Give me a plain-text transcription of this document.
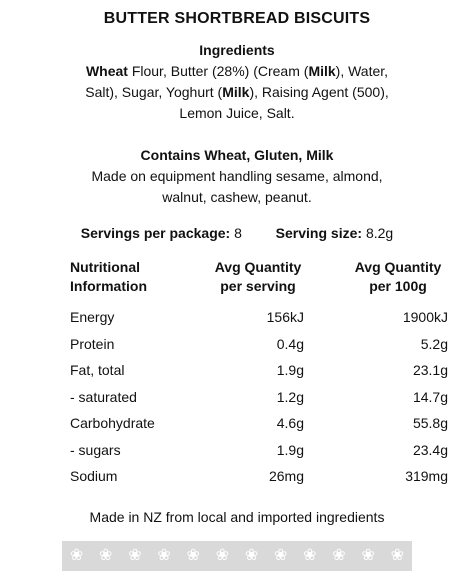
BUTTER SHORTBREAD BISCUITS
Ingredients
Wheat Flour, Butter (28%) (Cream (Milk), Water,
Salt), Sugar, Yoghurt (Milk), Raising Agent (500),
Lemon Juice, Salt.
Contains Wheat, Gluten, Milk
Made on equipment handling sesame, almond,
walnut, cashew, peanut.
Servings per package: 8 Serving size: 8.2g
Nutritional
Information	Avg Quantity
per serving	Avg Quantity
per 100g
Energy	156kJ	1900kJ
Protein	0.4g	5.2g
Fat, total	1.9g	23.1g
- saturated	1.2g	14.7g
Carbohydrate	4.6g	55.8g
- sugars	1.9g	23.4g
Sodium	26mg	319mg
Made in NZ from local and imported ingredients
❀ ❀ ❀ ❀ ❀ ❀ ❀ ❀ ❀ ❀ ❀ ❀
